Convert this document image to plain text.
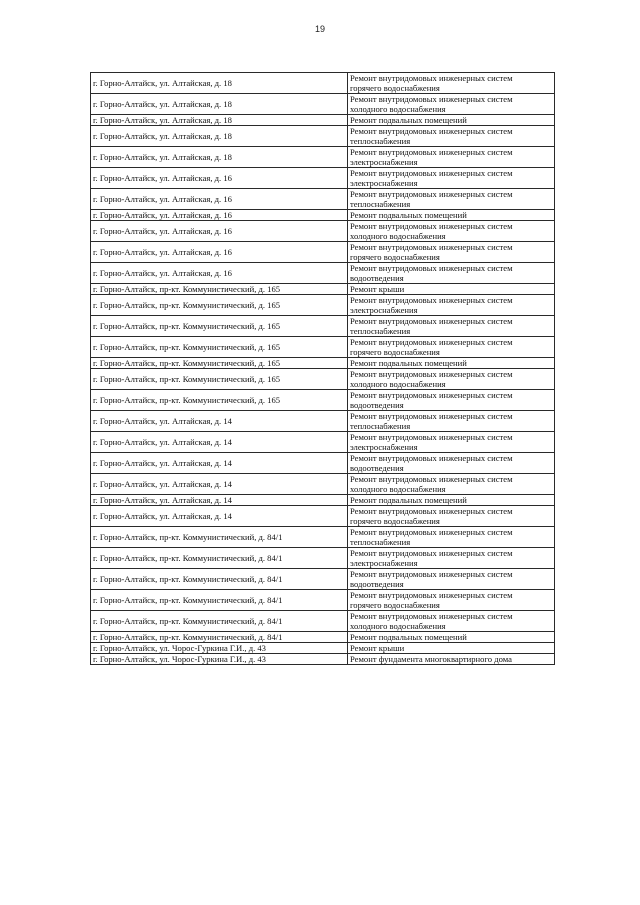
19
г. Горно-Алтайск, ул. Алтайская, д. 18	Ремонт внутридомовых инженерных систем
горячего водоснабжения

г. Горно-Алтайск, ул. Алтайская, д. 18	Ремонт внутридомовых инженерных систем
холодного водоснабжения

г. Горно-Алтайск, ул. Алтайская, д. 18	Ремонт подвальных помещений

г. Горно-Алтайск, ул. Алтайская, д. 18	Ремонт внутридомовых инженерных систем
теплоснабжения

г. Горно-Алтайск, ул. Алтайская, д. 18	Ремонт внутридомовых инженерных систем
электроснабжения

г. Горно-Алтайск, ул. Алтайская, д. 16	Ремонт внутридомовых инженерных систем
электроснабжения

г. Горно-Алтайск, ул. Алтайская, д. 16	Ремонт внутридомовых инженерных систем
теплоснабжения

г. Горно-Алтайск, ул. Алтайская, д. 16	Ремонт подвальных помещений

г. Горно-Алтайск, ул. Алтайская, д. 16	Ремонт внутридомовых инженерных систем
холодного водоснабжения

г. Горно-Алтайск, ул. Алтайская, д. 16	Ремонт внутридомовых инженерных систем
горячего водоснабжения

г. Горно-Алтайск, ул. Алтайская, д. 16	Ремонт внутридомовых инженерных систем
водоотведения

г. Горно-Алтайск, пр-кт. Коммунистический, д. 165	Ремонт крыши

г. Горно-Алтайск, пр-кт. Коммунистический, д. 165	Ремонт внутридомовых инженерных систем
электроснабжения

г. Горно-Алтайск, пр-кт. Коммунистический, д. 165	Ремонт внутридомовых инженерных систем
теплоснабжения

г. Горно-Алтайск, пр-кт. Коммунистический, д. 165	Ремонт внутридомовых инженерных систем
горячего водоснабжения

г. Горно-Алтайск, пр-кт. Коммунистический, д. 165	Ремонт подвальных помещений

г. Горно-Алтайск, пр-кт. Коммунистический, д. 165	Ремонт внутридомовых инженерных систем
холодного водоснабжения

г. Горно-Алтайск, пр-кт. Коммунистический, д. 165	Ремонт внутридомовых инженерных систем
водоотведения

г. Горно-Алтайск, ул. Алтайская, д. 14	Ремонт внутридомовых инженерных систем
теплоснабжения

г. Горно-Алтайск, ул. Алтайская, д. 14	Ремонт внутридомовых инженерных систем
электроснабжения

г. Горно-Алтайск, ул. Алтайская, д. 14	Ремонт внутридомовых инженерных систем
водоотведения

г. Горно-Алтайск, ул. Алтайская, д. 14	Ремонт внутридомовых инженерных систем
холодного водоснабжения

г. Горно-Алтайск, ул. Алтайская, д. 14	Ремонт подвальных помещений

г. Горно-Алтайск, ул. Алтайская, д. 14	Ремонт внутридомовых инженерных систем
горячего водоснабжения

г. Горно-Алтайск, пр-кт. Коммунистический, д. 84/1	Ремонт внутридомовых инженерных систем
теплоснабжения

г. Горно-Алтайск, пр-кт. Коммунистический, д. 84/1	Ремонт внутридомовых инженерных систем
электроснабжения

г. Горно-Алтайск, пр-кт. Коммунистический, д. 84/1	Ремонт внутридомовых инженерных систем
водоотведения

г. Горно-Алтайск, пр-кт. Коммунистический, д. 84/1	Ремонт внутридомовых инженерных систем
горячего водоснабжения

г. Горно-Алтайск, пр-кт. Коммунистический, д. 84/1	Ремонт внутридомовых инженерных систем
холодного водоснабжения

г. Горно-Алтайск, пр-кт. Коммунистический, д. 84/1	Ремонт подвальных помещений

г. Горно-Алтайск, ул. Чорос-Гуркина Г.И., д. 43	Ремонт крыши

г. Горно-Алтайск, ул. Чорос-Гуркина Г.И., д. 43	Ремонт фундамента многоквартирного дома
